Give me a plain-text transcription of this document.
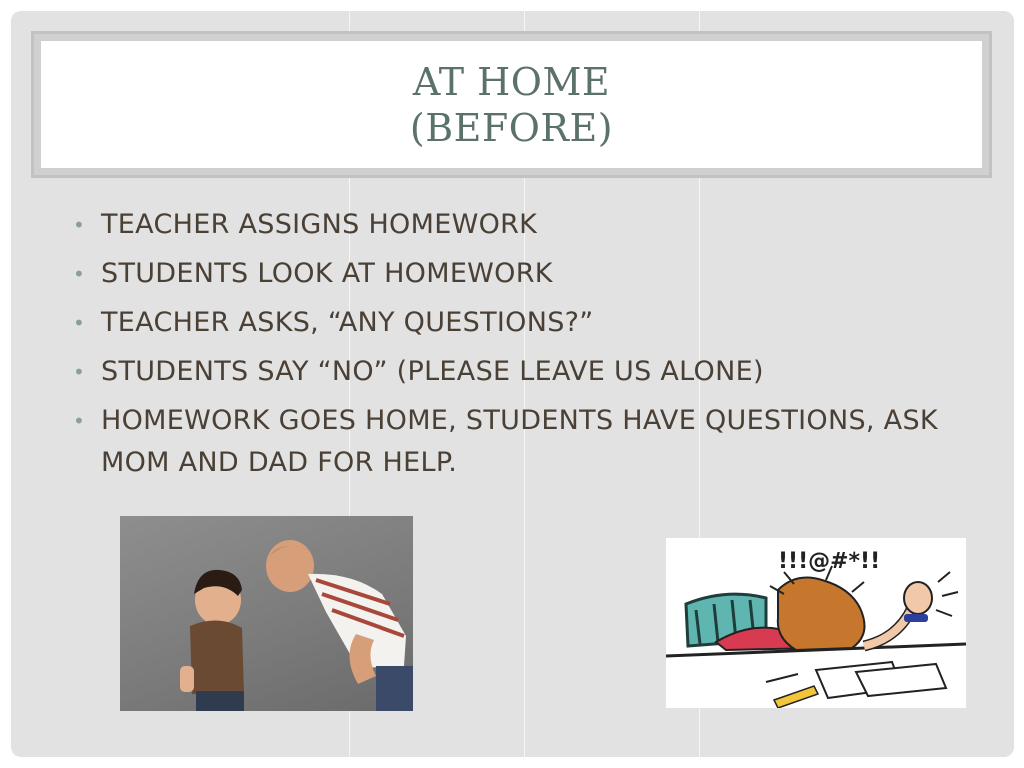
AT HOME
(BEFORE)
• TEACHER ASSIGNS HOMEWORK
• STUDENTS LOOK AT HOMEWORK
• TEACHER ASKS, “ANY QUESTIONS?”
• STUDENTS SAY “NO” (PLEASE LEAVE US ALONE)
• HOMEWORK GOES HOME, STUDENTS HAVE QUESTIONS, ASK MOM AND DAD FOR HELP.
!!!@#*!!
